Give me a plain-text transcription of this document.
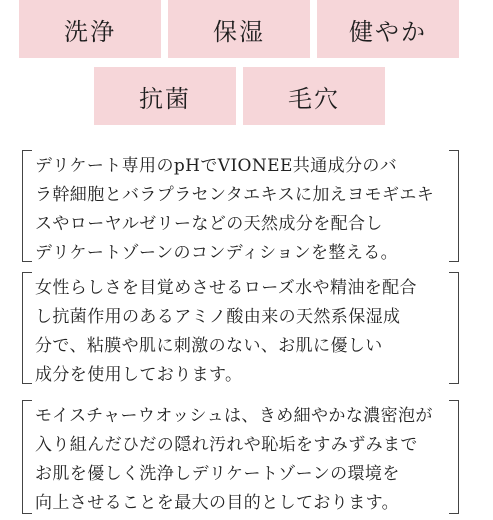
洗浄	保湿	健やか
抗菌	毛穴
デリケート専用のpHでVIONEE共通成分のバ
ラ幹細胞とバラプラセンタエキスに加えヨモギエキ
スやローヤルゼリーなどの天然成分を配合し
デリケートゾーンのコンディションを整える。
女性らしさを目覚めさせるローズ水や精油を配合
し抗菌作用のあるアミノ酸由来の天然系保湿成
分で、粘膜や肌に刺激のない、お肌に優しい
成分を使用しております。
モイスチャーウオッシュは、きめ細やかな濃密泡が
入り組んだひだの隠れ汚れや恥垢をすみずみまで
お肌を優しく洗浄しデリケートゾーンの環境を
向上させることを最大の目的としております。
